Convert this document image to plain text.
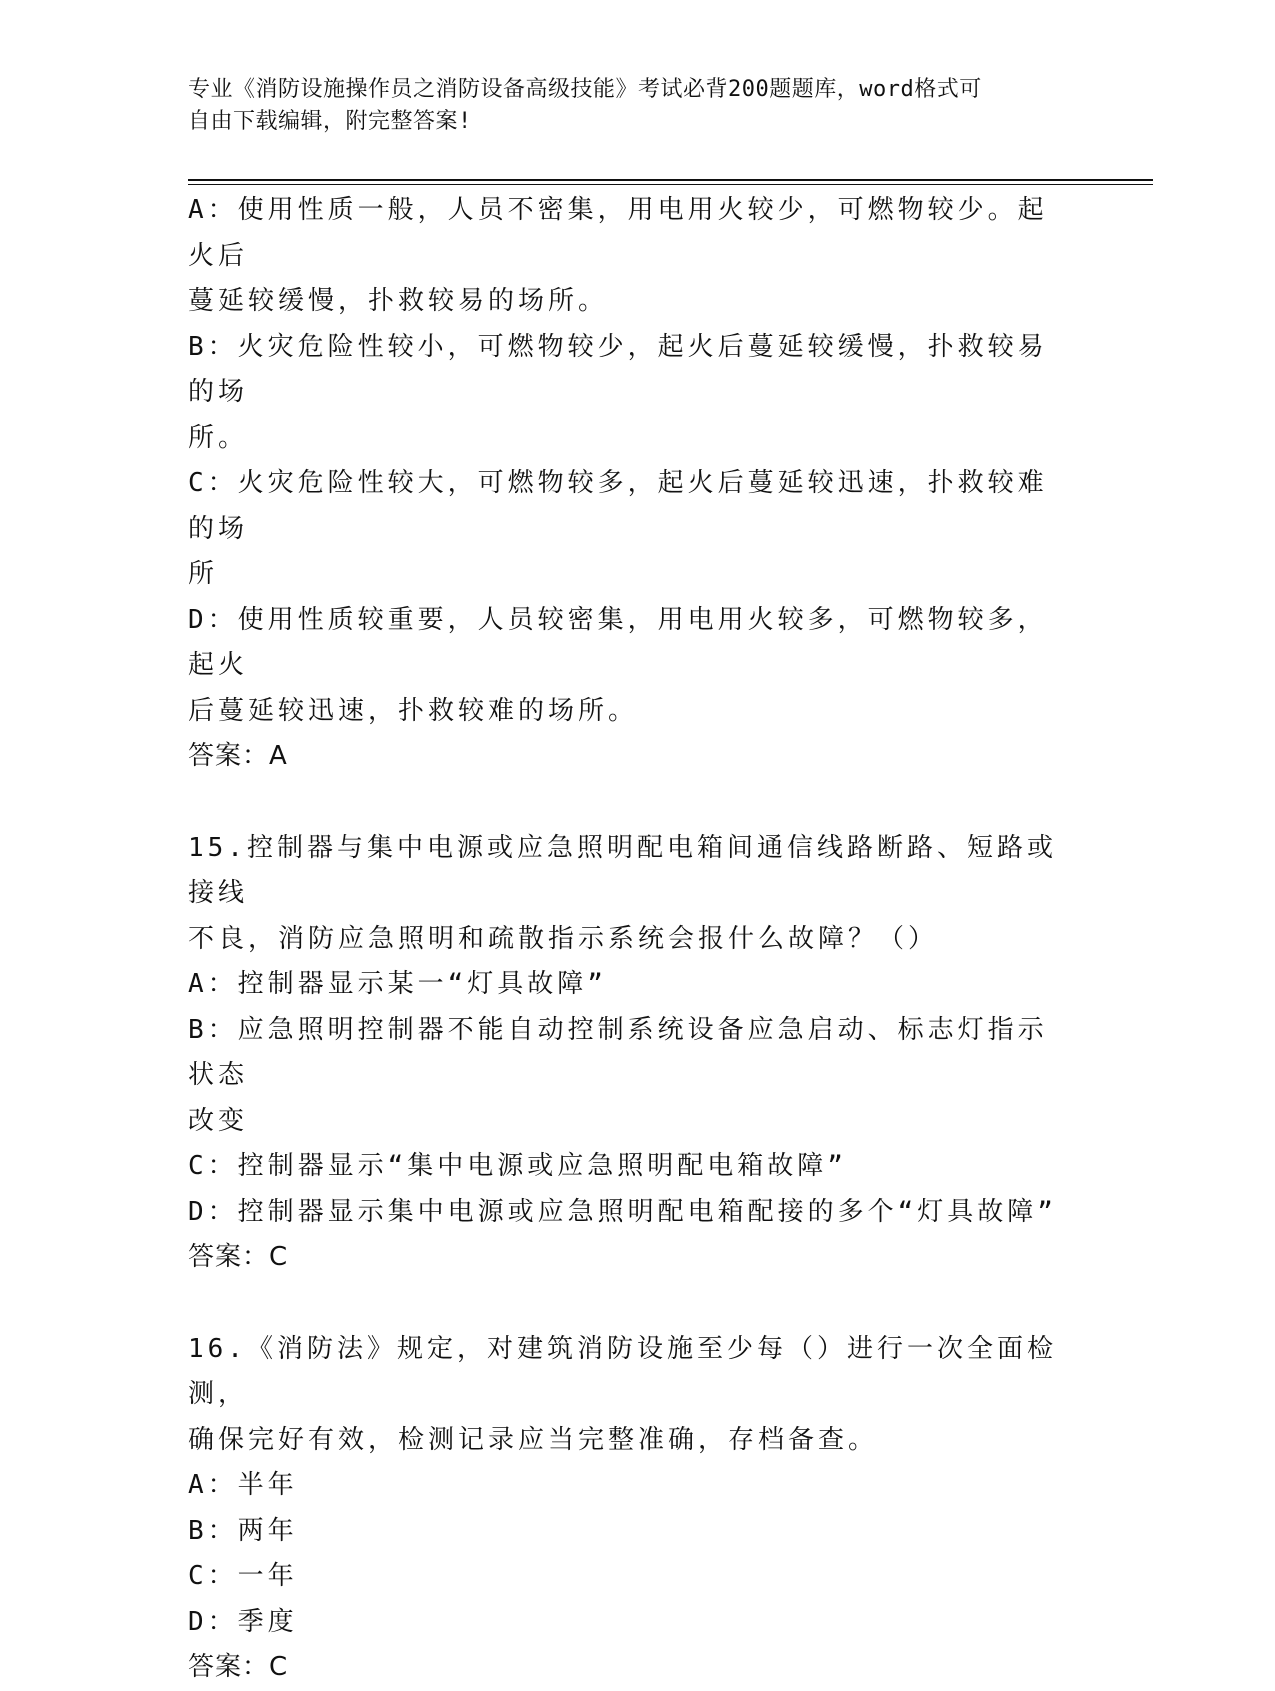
专业《消防设施操作员之消防设备高级技能》考试必背200题题库，word格式可
自由下载编辑，附完整答案!
A：使用性质一般，人员不密集，用电用火较少，可燃物较少。起火后
蔓延较缓慢，扑救较易的场所。
B：火灾危险性较小，可燃物较少，起火后蔓延较缓慢，扑救较易的场
所。
C：火灾危险性较大，可燃物较多，起火后蔓延较迅速，扑救较难的场
所
D：使用性质较重要，人员较密集，用电用火较多，可燃物较多，起火
后蔓延较迅速，扑救较难的场所。
答案：A
15.控制器与集中电源或应急照明配电箱间通信线路断路、短路或接线
不良，消防应急照明和疏散指示系统会报什么故障？（）
A：控制器显示某一“灯具故障”
B：应急照明控制器不能自动控制系统设备应急启动、标志灯指示状态
改变
C：控制器显示“集中电源或应急照明配电箱故障”
D：控制器显示集中电源或应急照明配电箱配接的多个“灯具故障”
答案：C
16.《消防法》规定，对建筑消防设施至少每（）进行一次全面检测，
确保完好有效，检测记录应当完整准确，存档备查。
A：半年
B：两年
C：一年
D：季度
答案：C
